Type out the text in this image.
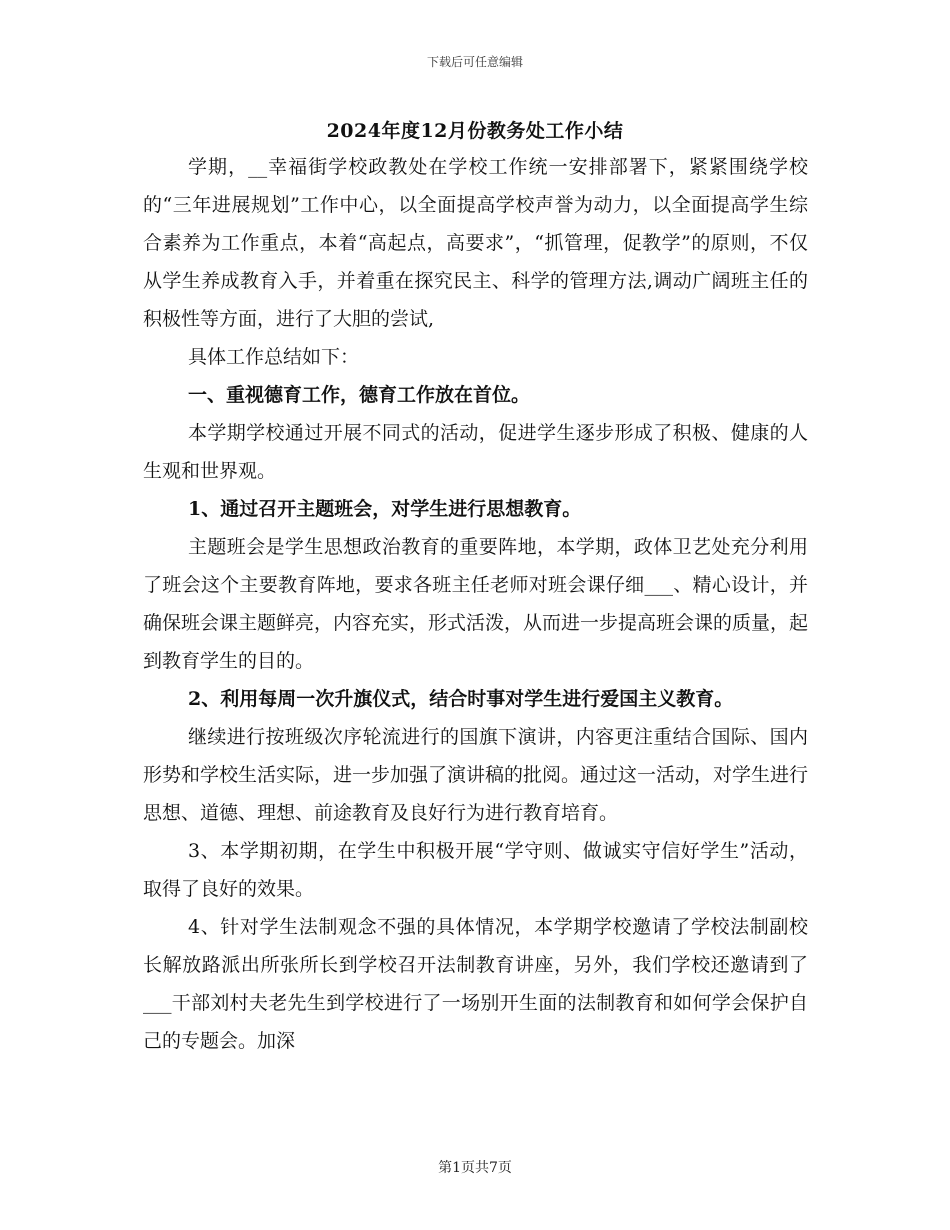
下载后可任意编辑
2024年度12月份教务处工作小结

学期，__幸福街学校政教处在学校工作统一安排部署下，紧紧围绕学校的“三年进展规划”工作中心，以全面提高学校声誉为动力，以全面提高学生综合素养为工作重点，本着“高起点，高要求”，“抓管理，促教学”的原则，不仅从学生养成教育入手，并着重在探究民主、科学的管理方法,调动广阔班主任的积极性等方面，进行了大胆的尝试,

具体工作总结如下：

一、重视德育工作，德育工作放在首位。

本学期学校通过开展不同式的活动，促进学生逐步形成了积极、健康的人生观和世界观。

1、通过召开主题班会，对学生进行思想教育。

主题班会是学生思想政治教育的重要阵地，本学期，政体卫艺处充分利用了班会这个主要教育阵地，要求各班主任老师对班会课仔细___、精心设计，并确保班会课主题鲜亮，内容充实，形式活泼，从而进一步提高班会课的质量，起到教育学生的目的。

2、利用每周一次升旗仪式，结合时事对学生进行爱国主义教育。

继续进行按班级次序轮流进行的国旗下演讲，内容更注重结合国际、国内形势和学校生活实际，进一步加强了演讲稿的批阅。通过这一活动，对学生进行思想、道德、理想、前途教育及良好行为进行教育培育。

3、本学期初期，在学生中积极开展“学守则、做诚实守信好学生”活动，取得了良好的效果。

4、针对学生法制观念不强的具体情况，本学期学校邀请了学校法制副校长解放路派出所张所长到学校召开法制教育讲座，另外，我们学校还邀请到了___干部刘村夫老先生到学校进行了一场别开生面的法制教育和如何学会保护自己的专题会。加深

第1页共7页
